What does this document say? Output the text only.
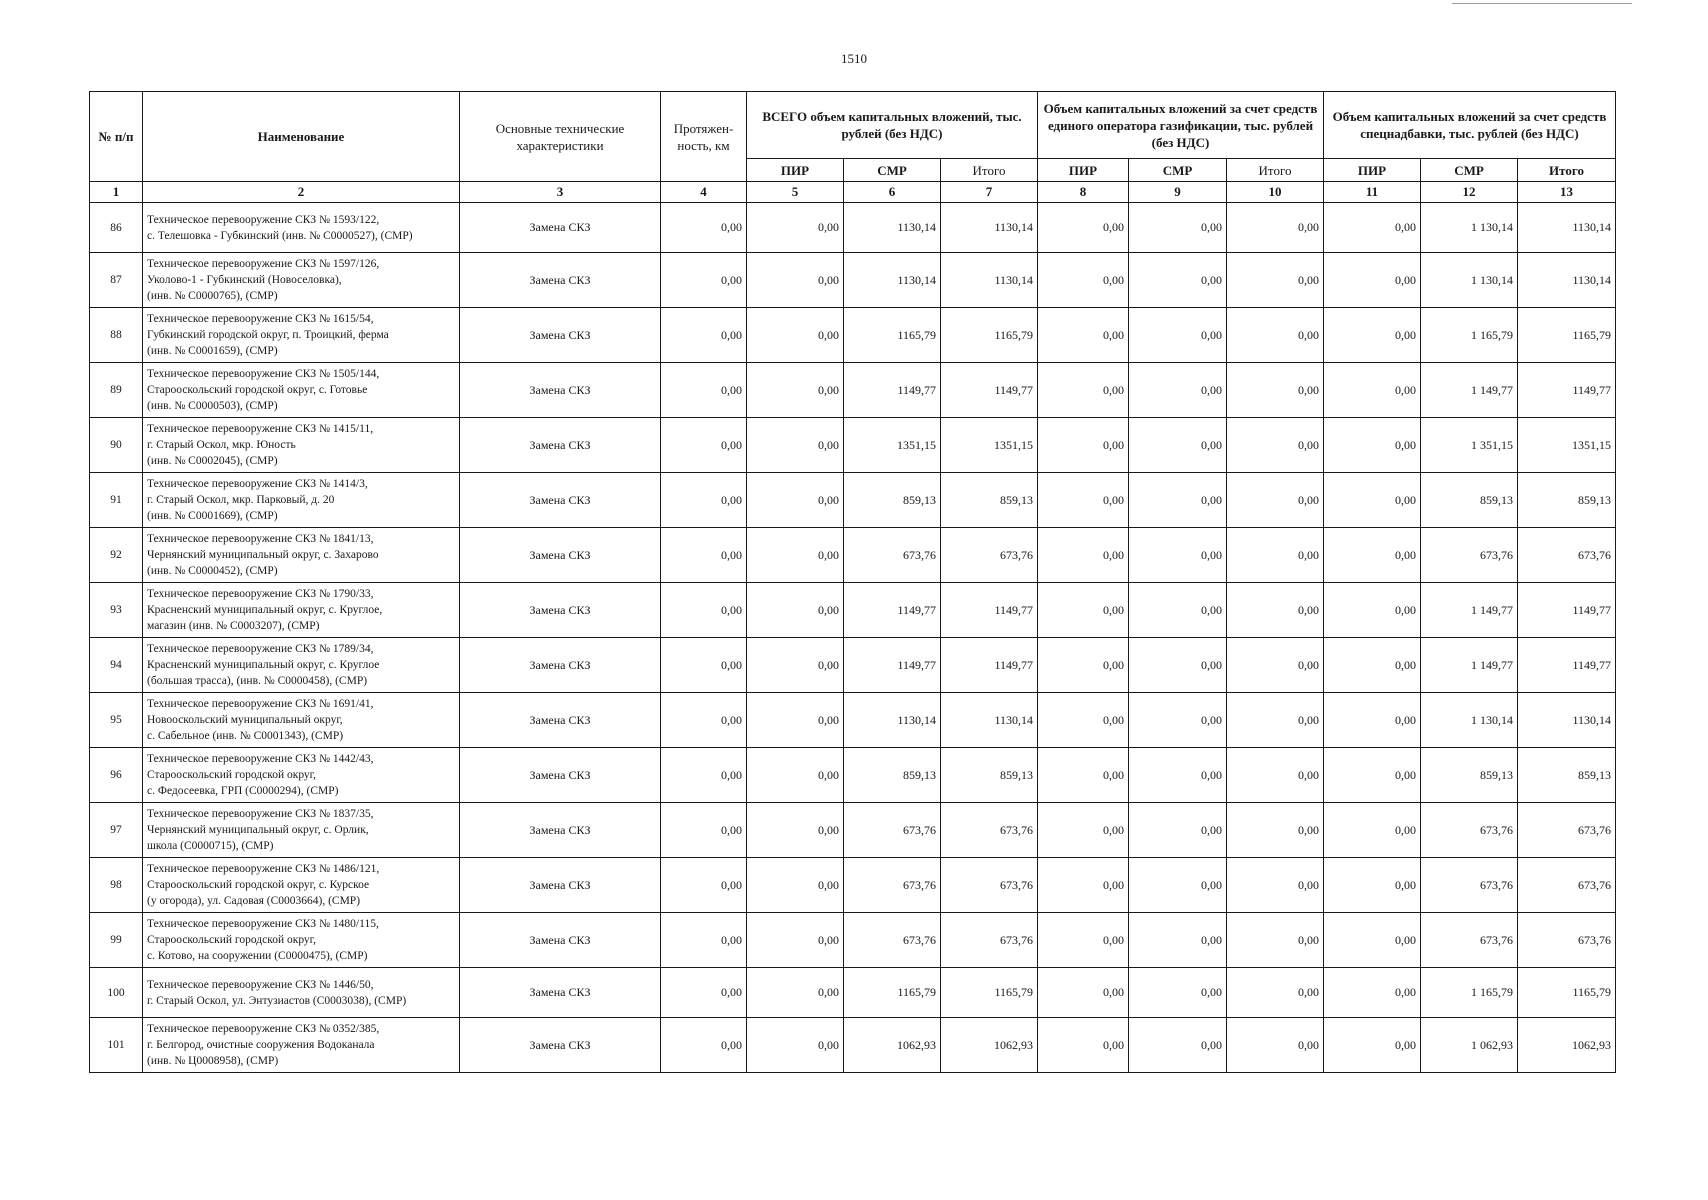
1510
№ п/п	Наименование	Основные технические характеристики	Протяжен-ность, км	ВСЕГО объем капитальных вложений, тыс. рублей (без НДС)			Объем капитальных вложений за счет средств единого оператора газификации, тыс. рублей (без НДС)			Объем капитальных вложений за счет средств спецнадбавки, тыс. рублей (без НДС)		
				ПИР	СМР	Итого	ПИР	СМР	Итого	ПИР	СМР	Итого
1	2	3	4	5	6	7	8	9	10	11	12	13
86	Техническое перевооружение СКЗ № 1593/122,
с. Телешовка - Губкинский (инв. № С0000527), (СМР)	Замена СКЗ	0,00	0,00	1130,14	1130,14	0,00	0,00	0,00	0,00	1 130,14	1130,14
87	Техническое перевооружение СКЗ № 1597/126,
Уколово-1 - Губкинский (Новоселовка),
(инв. № С0000765), (СМР)	Замена СКЗ	0,00	0,00	1130,14	1130,14	0,00	0,00	0,00	0,00	1 130,14	1130,14
88	Техническое перевооружение СКЗ № 1615/54,
Губкинский городской округ, п. Троицкий, ферма
(инв. № С0001659), (СМР)	Замена СКЗ	0,00	0,00	1165,79	1165,79	0,00	0,00	0,00	0,00	1 165,79	1165,79
89	Техническое перевооружение СКЗ № 1505/144,
Старооскольский городской округ, с. Готовье
(инв. № С0000503), (СМР)	Замена СКЗ	0,00	0,00	1149,77	1149,77	0,00	0,00	0,00	0,00	1 149,77	1149,77
90	Техническое перевооружение СКЗ № 1415/11,
г. Старый Оскол, мкр. Юность
(инв. № С0002045), (СМР)	Замена СКЗ	0,00	0,00	1351,15	1351,15	0,00	0,00	0,00	0,00	1 351,15	1351,15
91	Техническое перевооружение СКЗ № 1414/3,
г. Старый Оскол, мкр. Парковый, д. 20
(инв. № С0001669), (СМР)	Замена СКЗ	0,00	0,00	859,13	859,13	0,00	0,00	0,00	0,00	859,13	859,13
92	Техническое перевооружение СКЗ № 1841/13,
Чернянский муниципальный округ, с. Захарово
(инв. № С0000452), (СМР)	Замена СКЗ	0,00	0,00	673,76	673,76	0,00	0,00	0,00	0,00	673,76	673,76
93	Техническое перевооружение СКЗ № 1790/33,
Красненский муниципальный округ, с. Круглое,
магазин (инв. № С0003207), (СМР)	Замена СКЗ	0,00	0,00	1149,77	1149,77	0,00	0,00	0,00	0,00	1 149,77	1149,77
94	Техническое перевооружение СКЗ № 1789/34,
Красненский муниципальный округ, с. Круглое
(большая трасса), (инв. № С0000458), (СМР)	Замена СКЗ	0,00	0,00	1149,77	1149,77	0,00	0,00	0,00	0,00	1 149,77	1149,77
95	Техническое перевооружение СКЗ № 1691/41,
Новооскольский муниципальный округ,
с. Сабельное (инв. № С0001343), (СМР)	Замена СКЗ	0,00	0,00	1130,14	1130,14	0,00	0,00	0,00	0,00	1 130,14	1130,14
96	Техническое перевооружение СКЗ № 1442/43,
Старооскольский городской округ,
с. Федосеевка, ГРП (С0000294), (СМР)	Замена СКЗ	0,00	0,00	859,13	859,13	0,00	0,00	0,00	0,00	859,13	859,13
97	Техническое перевооружение СКЗ № 1837/35,
Чернянский муниципальный округ, с. Орлик,
школа (С0000715), (СМР)	Замена СКЗ	0,00	0,00	673,76	673,76	0,00	0,00	0,00	0,00	673,76	673,76
98	Техническое перевооружение СКЗ № 1486/121,
Старооскольский городской округ, с. Курское
(у огорода), ул. Садовая (С0003664), (СМР)	Замена СКЗ	0,00	0,00	673,76	673,76	0,00	0,00	0,00	0,00	673,76	673,76
99	Техническое перевооружение СКЗ № 1480/115,
Старооскольский городской округ,
с. Котово, на сооружении (С0000475), (СМР)	Замена СКЗ	0,00	0,00	673,76	673,76	0,00	0,00	0,00	0,00	673,76	673,76
100	Техническое перевооружение СКЗ № 1446/50,
г. Старый Оскол, ул. Энтузиастов (С0003038), (СМР)	Замена СКЗ	0,00	0,00	1165,79	1165,79	0,00	0,00	0,00	0,00	1 165,79	1165,79
101	Техническое перевооружение СКЗ № 0352/385,
г. Белгород, очистные сооружения Водоканала
(инв. № Ц0008958), (СМР)	Замена СКЗ	0,00	0,00	1062,93	1062,93	0,00	0,00	0,00	0,00	1 062,93	1062,93
